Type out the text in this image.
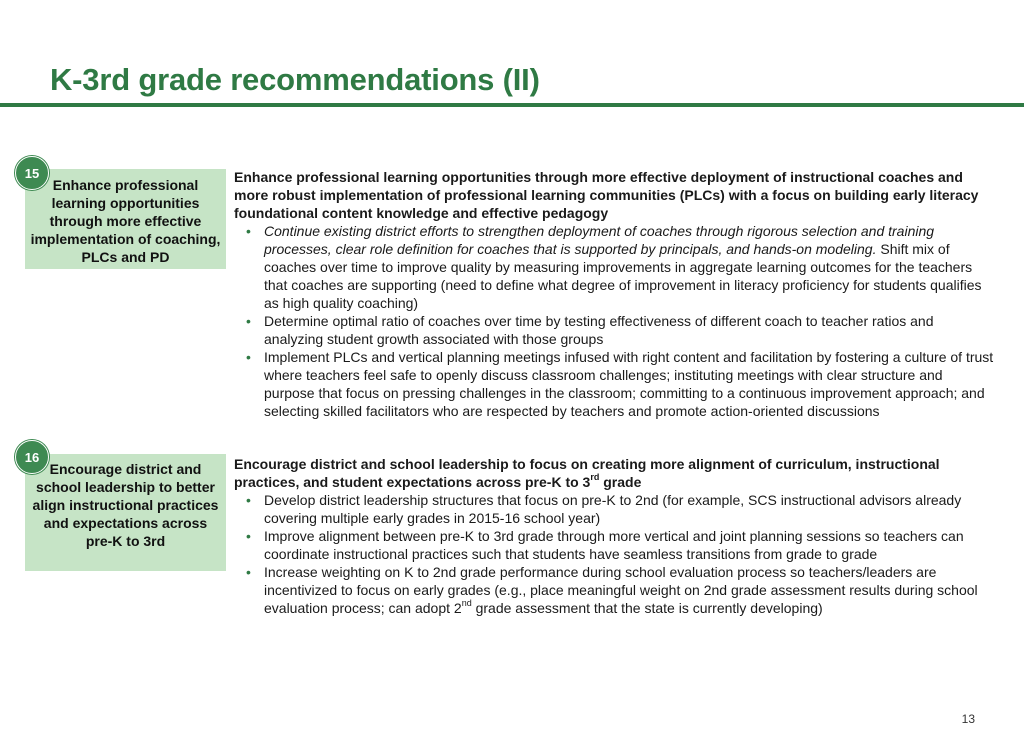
K-3rd grade recommendations (II)
15
Enhance professional learning opportunities through more effective implementation of coaching, PLCs and PD
Enhance professional learning opportunities through more effective deployment of instructional coaches and more robust implementation of professional learning communities (PLCs) with a focus on building early literacy foundational content knowledge and effective pedagogy
• Continue existing district efforts to strengthen deployment of coaches through rigorous selection and training processes, clear role definition for coaches that is supported by principals, and hands-on modeling. Shift mix of coaches over time to improve quality by measuring improvements in aggregate learning outcomes for the teachers that coaches are supporting (need to define what degree of improvement in literacy proficiency for students qualifies as high quality coaching)
• Determine optimal ratio of coaches over time by testing effectiveness of different coach to teacher ratios and analyzing student growth associated with those groups
• Implement PLCs and vertical planning meetings infused with right content and facilitation by fostering a culture of trust where teachers feel safe to openly discuss classroom challenges; instituting meetings with clear structure and purpose that focus on pressing challenges in the classroom; committing to a continuous improvement approach; and selecting skilled facilitators who are respected by teachers and promote action-oriented discussions
16
Encourage district and school leadership to better align instructional practices and expectations across pre-K to 3rd
Encourage district and school leadership to focus on creating more alignment of curriculum, instructional practices, and student expectations across pre-K to 3rd grade
• Develop district leadership structures that focus on pre-K to 2nd (for example, SCS instructional advisors already covering multiple early grades in 2015-16 school year)
• Improve alignment between pre-K to 3rd grade through more vertical and joint planning sessions so teachers can coordinate instructional practices such that students have seamless transitions from grade to grade
• Increase weighting on K to 2nd grade performance during school evaluation process so teachers/leaders are incentivized to focus on early grades (e.g., place meaningful weight on 2nd grade assessment results during school evaluation process; can adopt 2nd grade assessment that the state is currently developing)
13
